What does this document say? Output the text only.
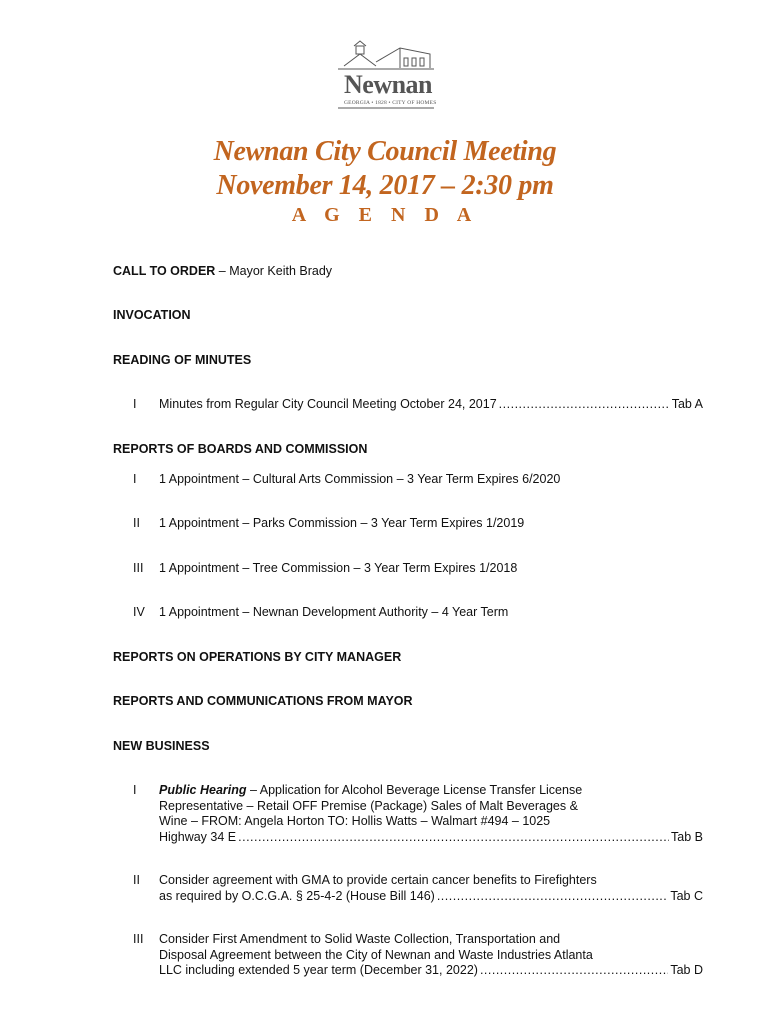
Newnan
GEORGIA • 1828 • CITY OF HOMES
Newnan City Council Meeting
November 14, 2017 – 2:30 pm
A G E N D A
CALL TO ORDER – Mayor Keith Brady
INVOCATION
READING OF MINUTES
I	Minutes from Regular City Council Meeting October 24, 2017 .....	Tab A
REPORTS OF BOARDS AND COMMISSION
I	1 Appointment – Cultural Arts Commission – 3 Year Term Expires 6/2020
II	1 Appointment – Parks Commission – 3 Year Term Expires 1/2019
III	1 Appointment – Tree Commission – 3 Year Term Expires 1/2018
IV	1 Appointment – Newnan Development Authority – 4 Year Term
REPORTS ON OPERATIONS BY CITY MANAGER
REPORTS AND COMMUNICATIONS FROM MAYOR
NEW BUSINESS
I	Public Hearing – Application for Alcohol Beverage License Transfer License
Representative – Retail OFF Premise (Package) Sales of Malt Beverages &
Wine – FROM: Angela Horton TO: Hollis Watts – Walmart #494 – 1025
Highway 34 E .....	Tab B
II	Consider agreement with GMA to provide certain cancer benefits to Firefighters
as required by O.C.G.A. § 25-4-2 (House Bill 146) .....	Tab C
III	Consider First Amendment to Solid Waste Collection, Transportation and
Disposal Agreement between the City of Newnan and Waste Industries Atlanta
LLC including extended 5 year term (December 31, 2022) .....	Tab D
